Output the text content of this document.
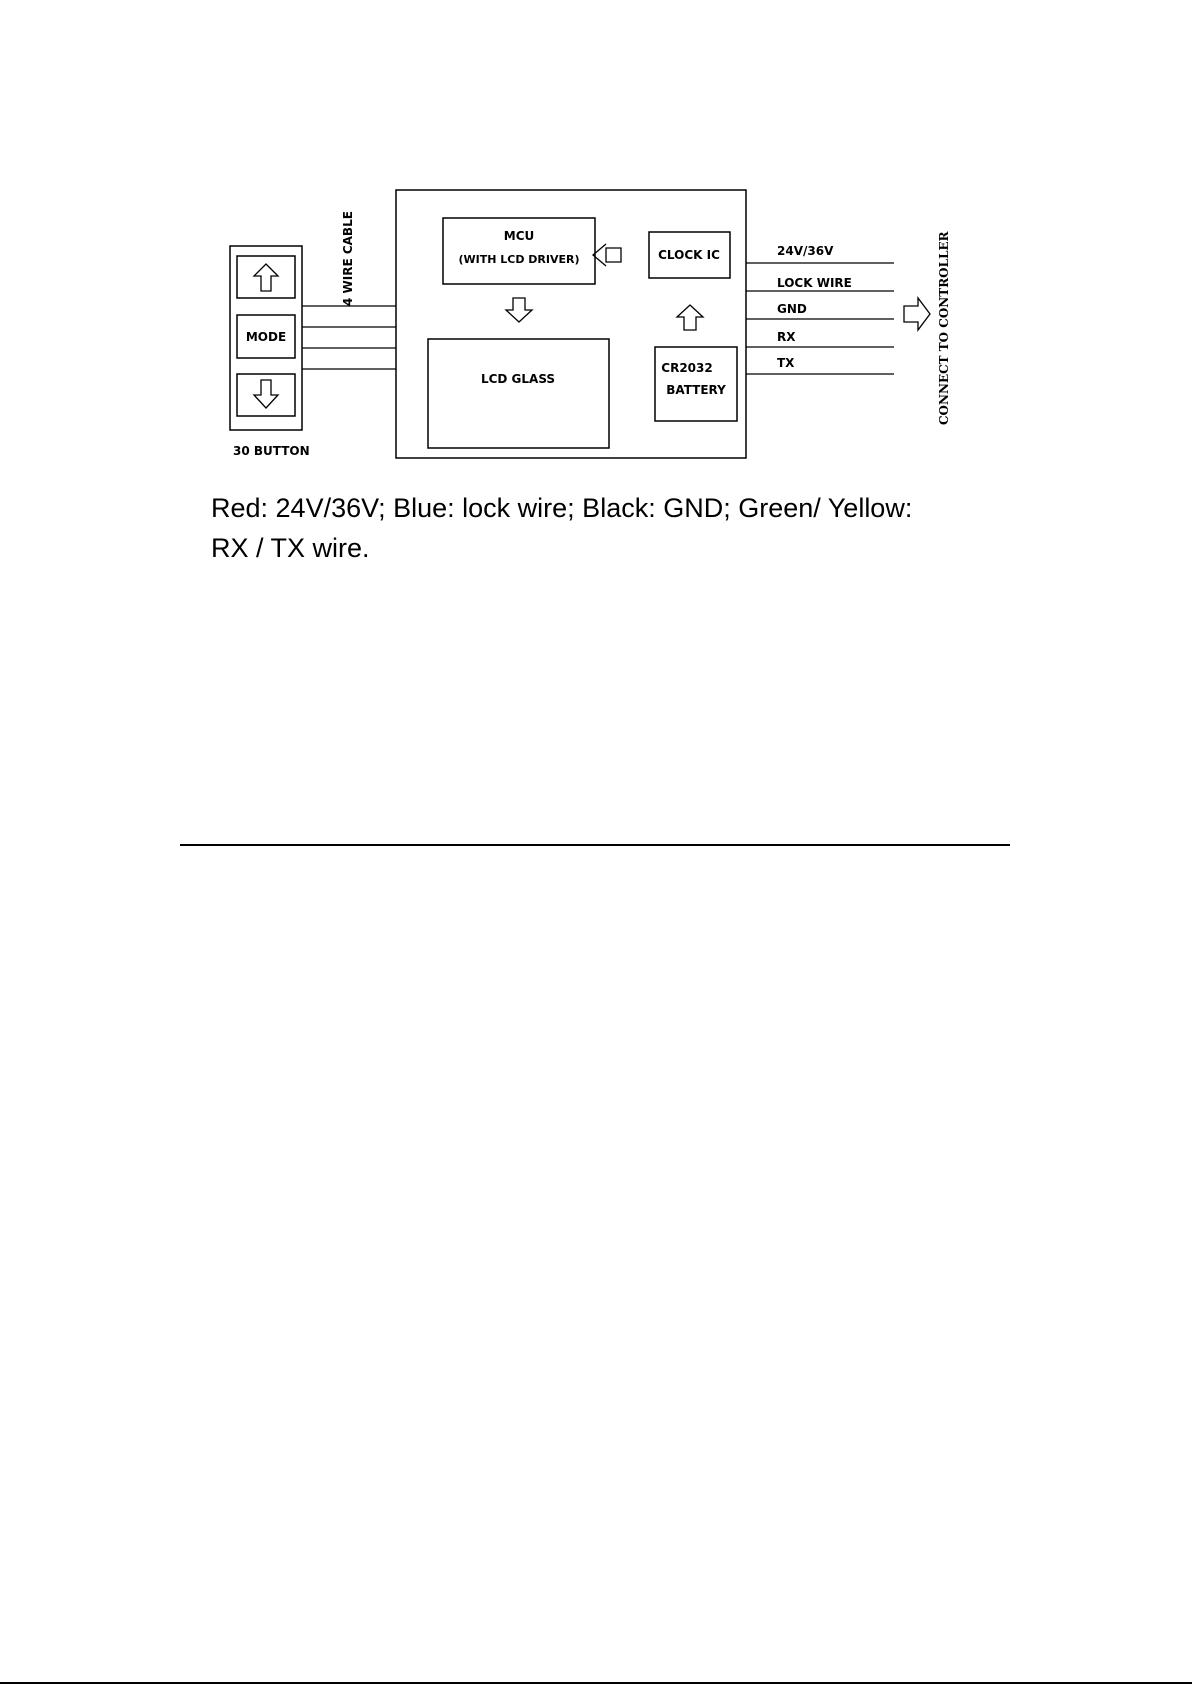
MODE
30 BUTTON
4 WIRE CABLE	MCU
(WITH LCD DRIVER)	CLOCK IC
LCD GLASS
CR2032
BATTERY
24V/36V
LOCK WIRE
GND
RX
TX	CONNECT TO CONTROLLER

Red: 24V/36V; Blue: lock wire; Black: GND; Green/ Yellow:
RX / TX wire.
